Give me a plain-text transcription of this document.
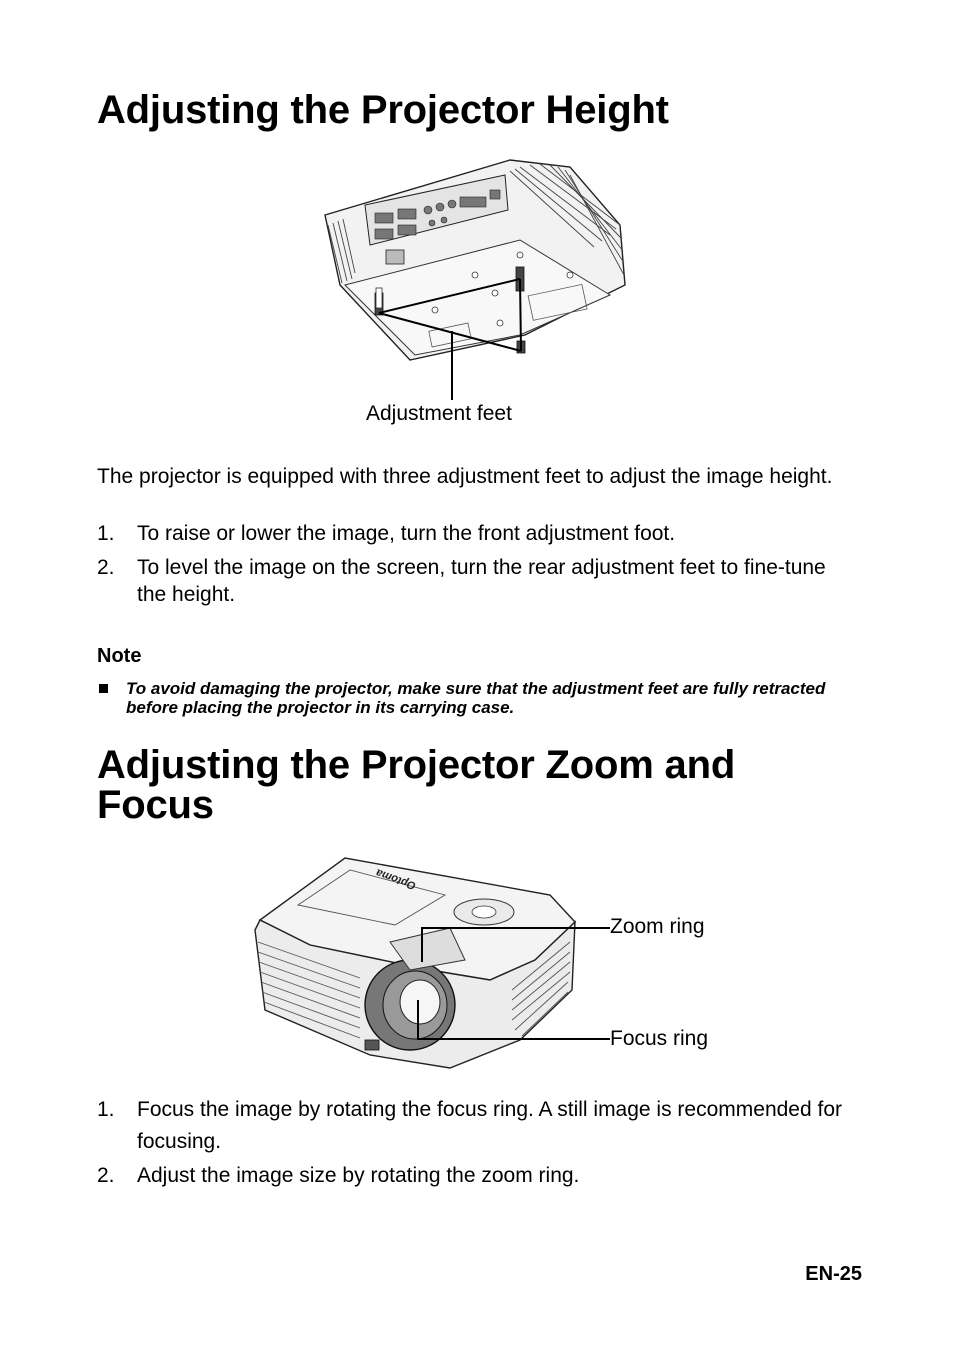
Adjusting the Projector Height
Adjustment feet
The projector is equipped with three adjustment feet to adjust the image height.
1. To raise or lower the image, turn the front adjustment foot.
2. To level the image on the screen, turn the rear adjustment feet to fine-tune the height.
Note
To avoid damaging the projector, make sure that the adjustment feet are fully retracted before placing the projector in its carrying case.
Adjusting the Projector Zoom and Focus
Optoma
Zoom ring
Focus ring
1. Focus the image by rotating the focus ring. A still image is recommended for focusing.
2. Adjust the image size by rotating the zoom ring.
EN-25
